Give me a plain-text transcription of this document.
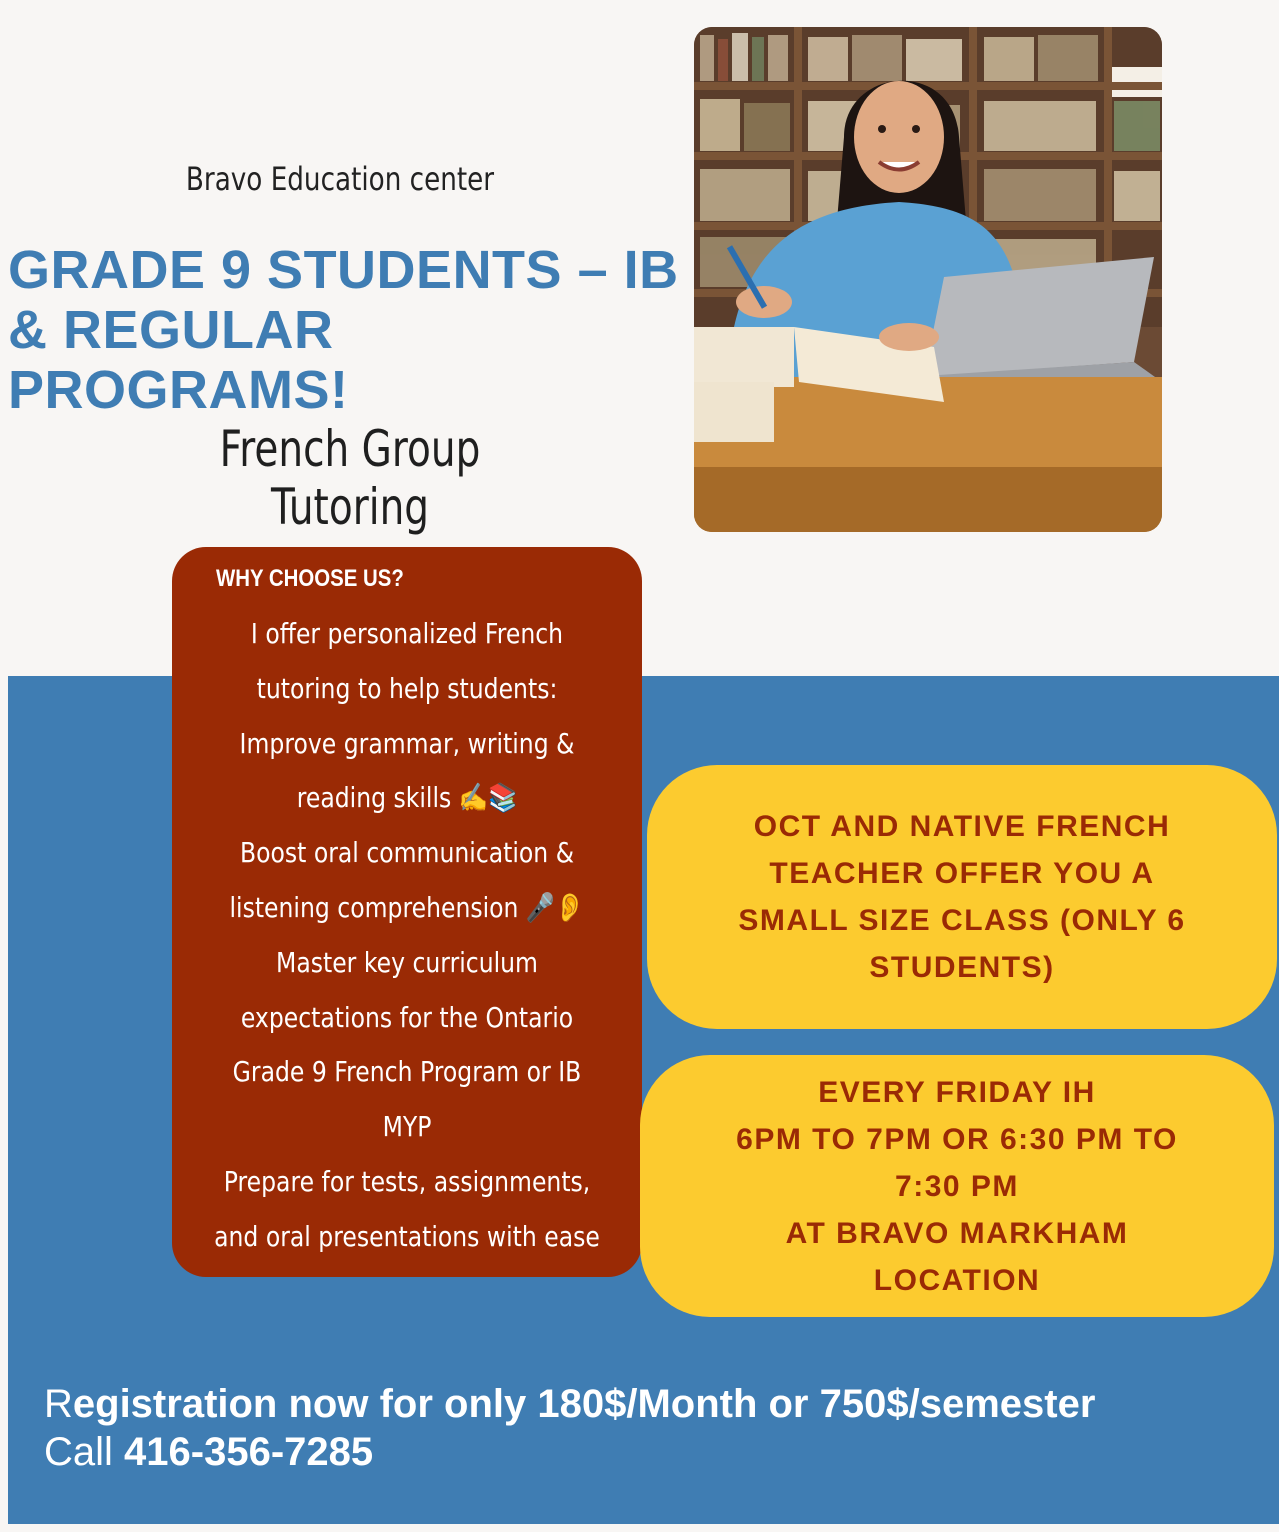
Bravo Education center
GRADE 9 STUDENTS – IB
& REGULAR PROGRAMS!
French Group Tutoring
WHY CHOOSE US?
I offer personalized French
tutoring to help students:
Improve grammar, writing &
reading skills ✍️📚
Boost oral communication &
listening comprehension 🎤👂
Master key curriculum
expectations for the Ontario
Grade 9 French Program or IB
MYP
Prepare for tests, assignments,
and oral presentations with ease
OCT AND NATIVE FRENCH
TEACHER OFFER YOU A
SMALL SIZE CLASS (ONLY 6
STUDENTS)
EVERY FRIDAY IH
6PM TO 7PM OR 6:30 PM TO
7:30 PM
AT BRAVO MARKHAM
LOCATION
Registration now for only 180$/Month or 750$/semester
Call 416-356-7285
